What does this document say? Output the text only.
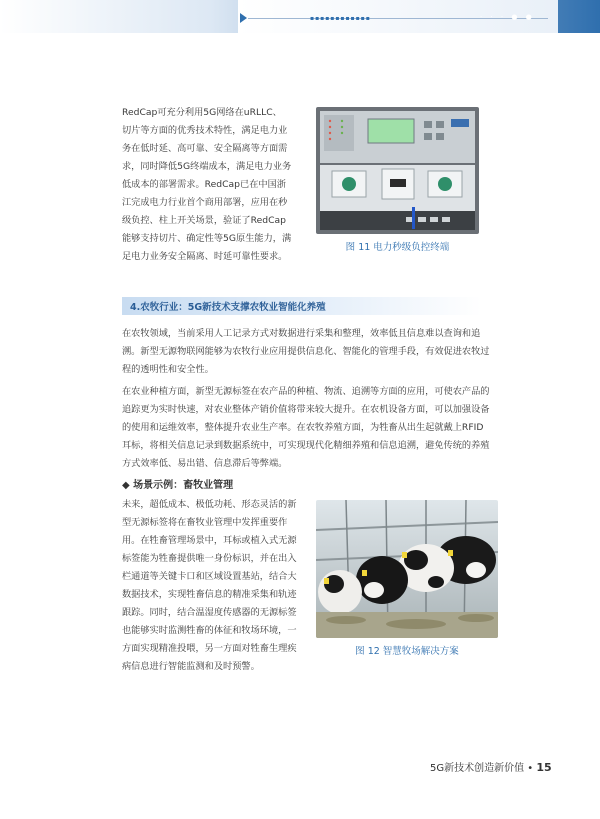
▪▪▪▪▪▪▪▪▪▪▪▪	· · · ● ●
RedCap可充分利用5G网络在uRLLC、
切片等方面的优秀技术特性，满足电力业
务在低时延、高可靠、安全隔离等方面需
求，同时降低5G终端成本，满足电力业务
低成本的部署需求。RedCap已在中国浙
江完成电力行业首个商用部署，应用在秒
级负控、柱上开关场景，验证了RedCap
能够支持切片、确定性等5G原生能力，满
足电力业务安全隔离、时延可靠性要求。
图 11 电力秒级负控终端
4.农牧行业：5G新技术支撑农牧业智能化养殖
在农牧领域，当前采用人工记录方式对数据进行采集和整理，效率低且信息难以查询和追
溯。新型无源物联网能够为农牧行业应用提供信息化、智能化的管理手段，有效促进农牧过
程的透明性和安全性。
在农业种植方面，新型无源标签在农产品的种植、物流、追溯等方面的应用，可使农产品的
追踪更为实时快速，对农业整体产销价值将带来较大提升。在农机设备方面，可以加强设备
的使用和运维效率，整体提升农业生产率。在农牧养殖方面，为牲畜从出生起就戴上RFID
耳标，将相关信息记录到数据系统中，可实现现代化精细养殖和信息追溯，避免传统的养殖
方式效率低、易出错、信息滞后等弊端。
◆ 场景示例：畜牧业管理
未来，超低成本、极低功耗、形态灵活的新
型无源标签将在畜牧业管理中发挥重要作
用。在牲畜管理场景中，耳标或植入式无源
标签能为牲畜提供唯一身份标识，并在出入
栏通道等关键卡口和区域设置基站，结合大
数据技术，实现牲畜信息的精准采集和轨迹
跟踪。同时，结合温湿度传感器的无源标签
也能够实时监测牲畜的体征和牧场环境，一
方面实现精准投喂，另一方面对牲畜生理疾
病信息进行智能监测和及时预警。
图 12 智慧牧场解决方案
5G新技术创造新价值 • 15
